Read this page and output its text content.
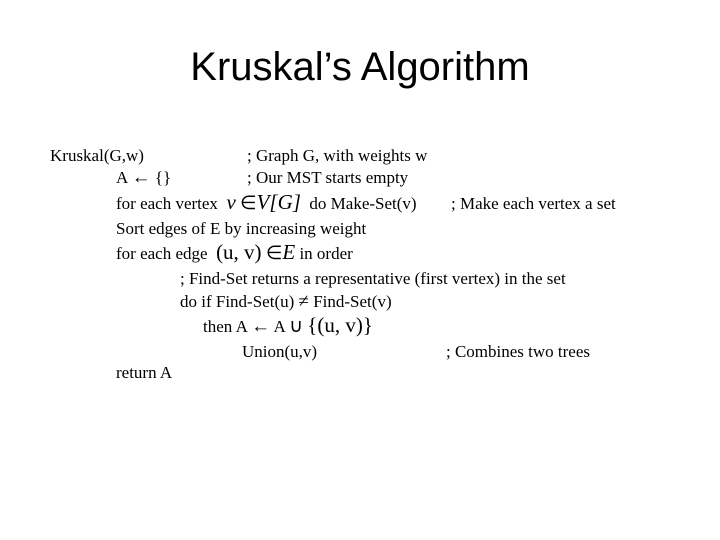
Kruskal’s Algorithm
Kruskal(G,w)	; Graph G, with weights w
A ← {}	; Our MST starts empty
for each vertex v ∈V[G] do Make-Set(v) ; Make each vertex a set
Sort edges of E by increasing weight
for each edge (u, v) ∈E in order
; Find-Set returns a representative (first vertex) in the set
do if Find-Set(u) ≠ Find-Set(v)
then A ← A ∪ {(u, v)}
Union(u,v)	; Combines two trees
return A
